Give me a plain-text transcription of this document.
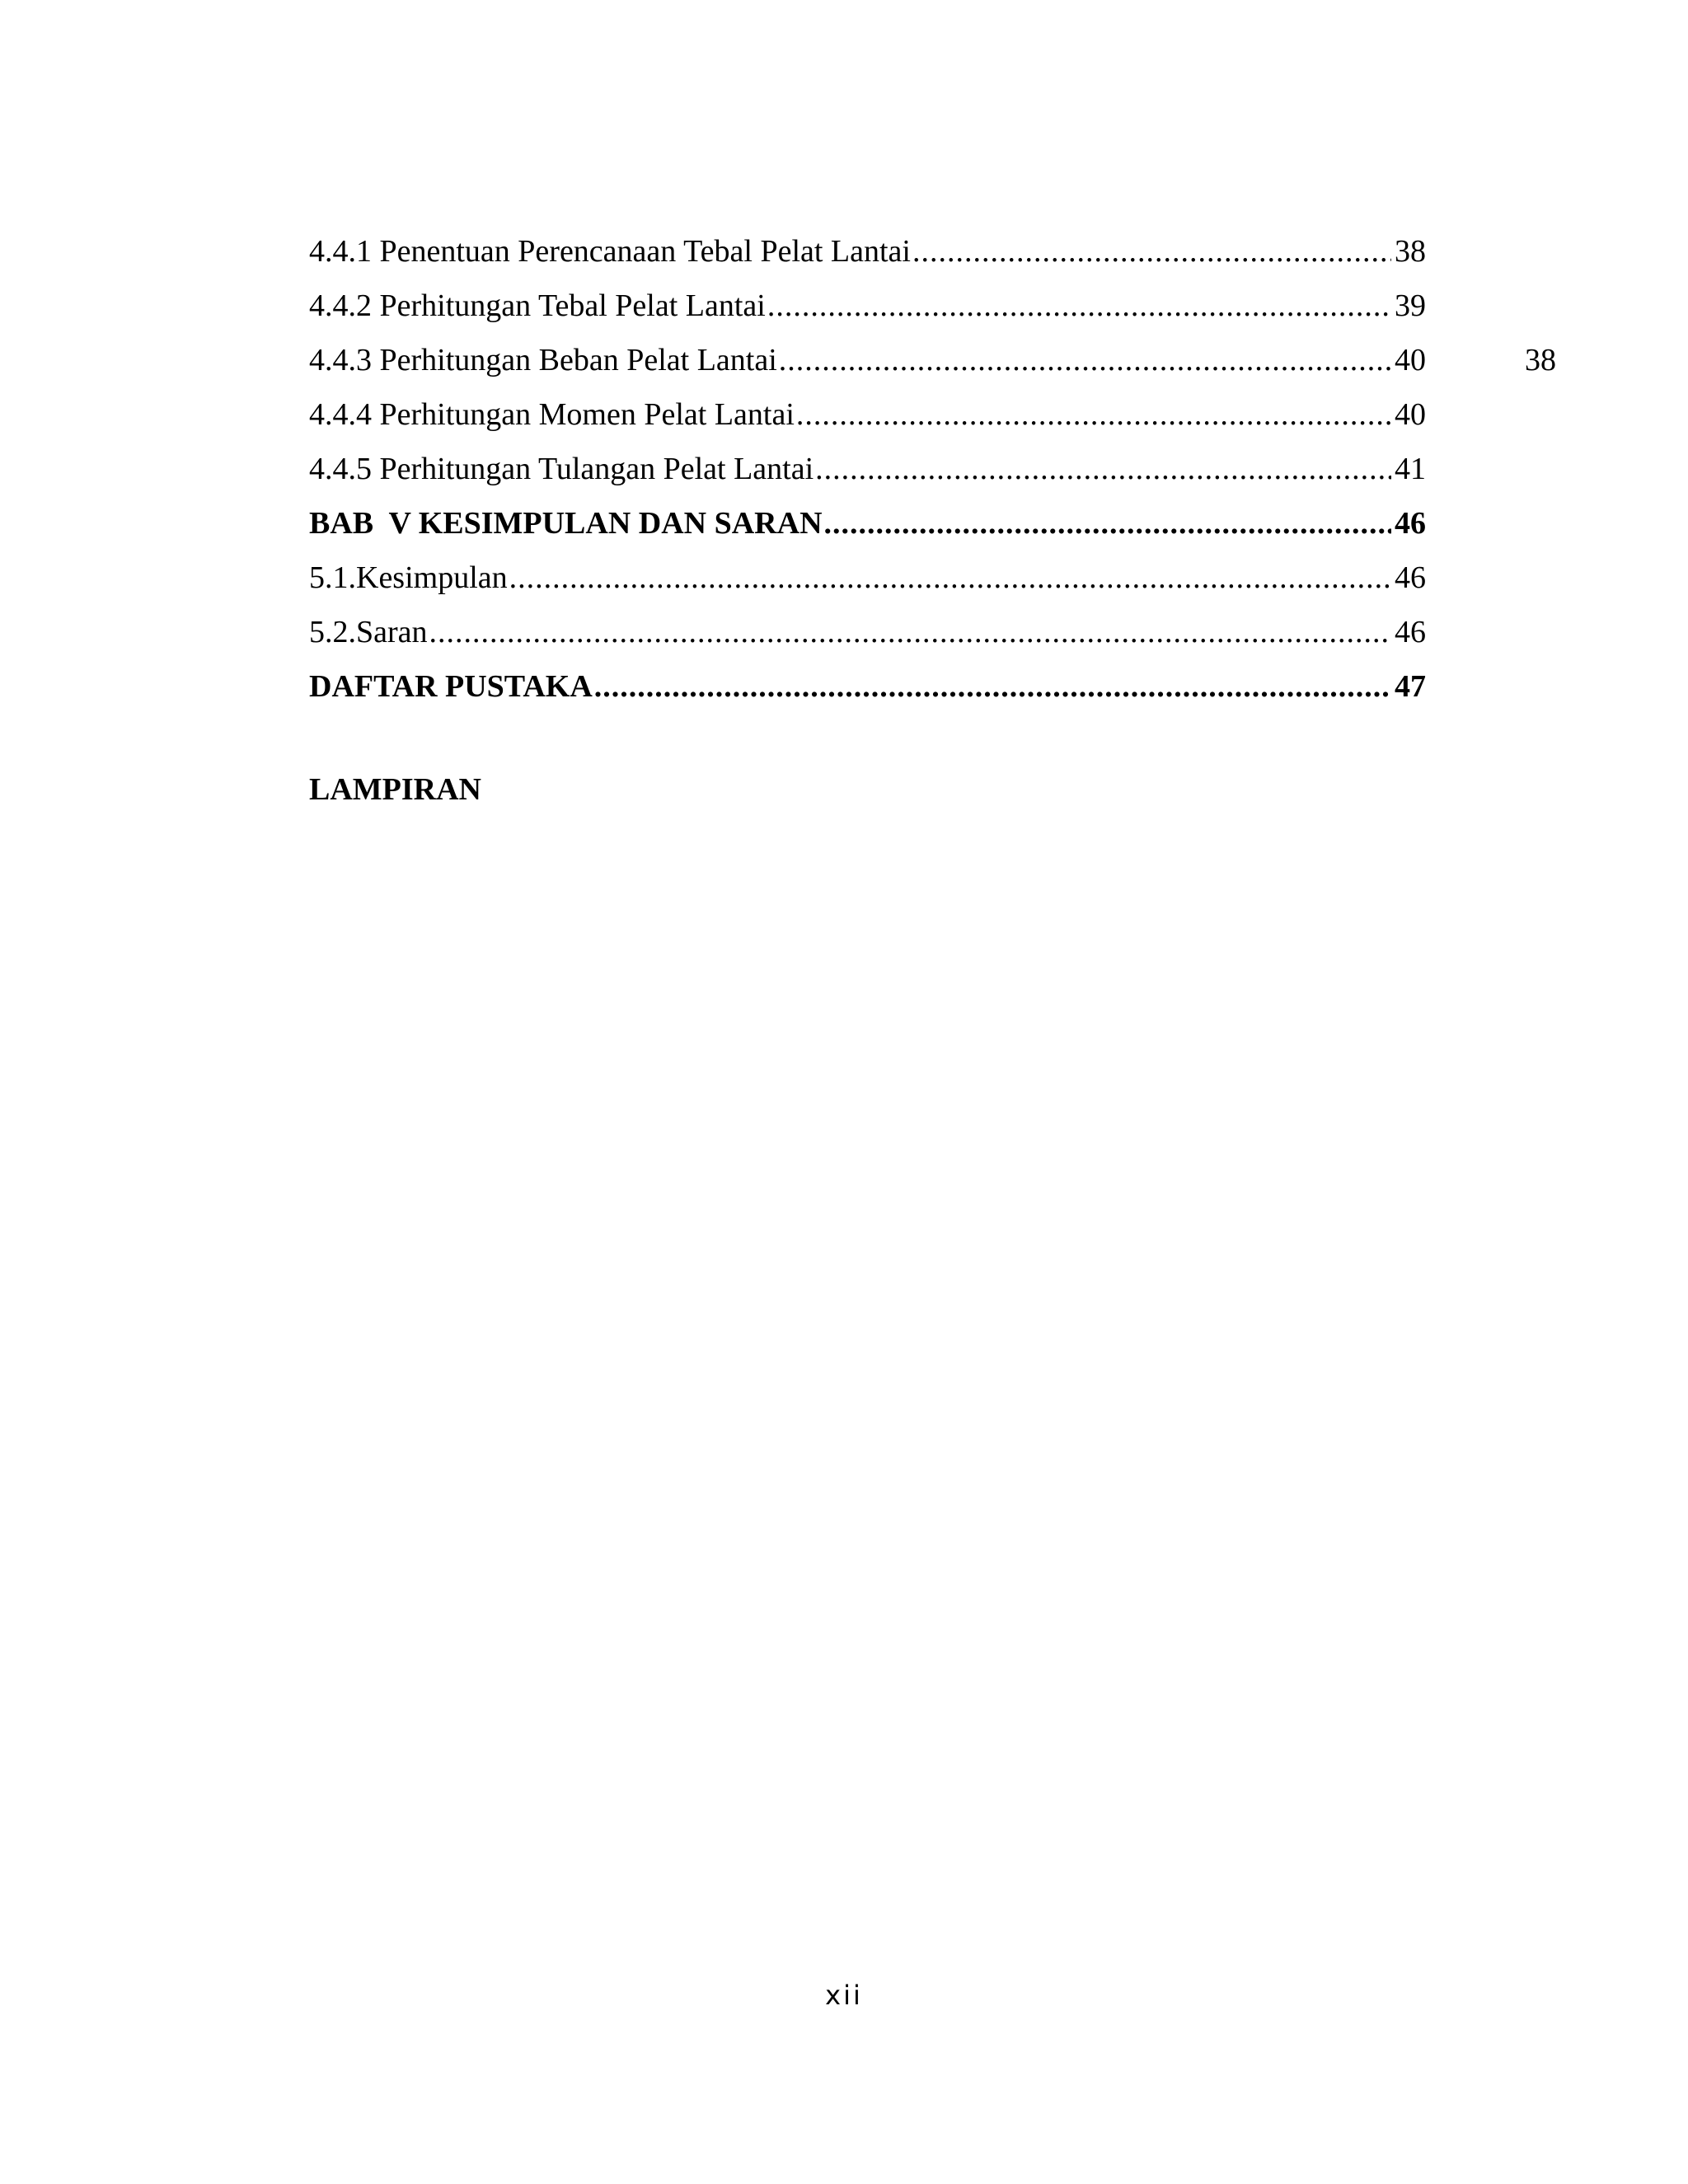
4.4.1 Penentuan Perencanaan Tebal Pelat Lantai .....	38
4.4.2 Perhitungan Tebal Pelat Lantai .....	39
4.4.3 Perhitungan Beban Pelat Lantai .....	40
4.4.4 Perhitungan Momen Pelat Lantai .....	40
4.4.5 Perhitungan Tulangan Pelat Lantai .....	41
BAB  V KESIMPULAN DAN SARAN .....	46
5.1.Kesimpulan .....	46
5.2.Saran .....	46
DAFTAR PUSTAKA .....	47
38
LAMPIRAN
xii
